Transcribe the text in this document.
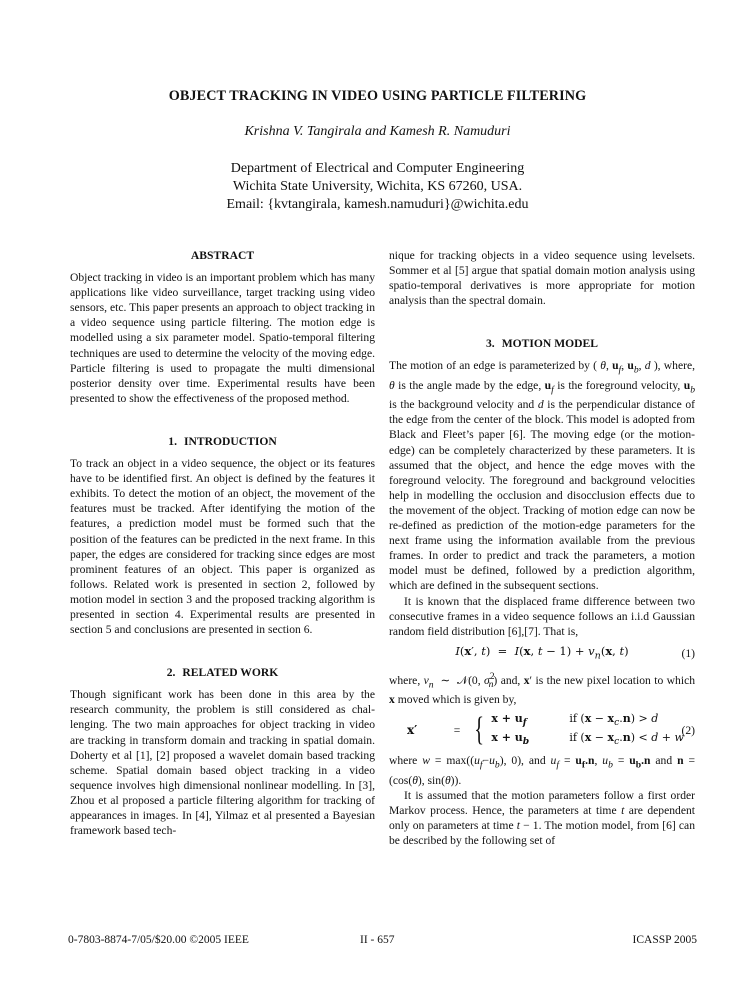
OBJECT TRACKING IN VIDEO USING PARTICLE FILTERING
Krishna V. Tangirala and Kamesh R. Namuduri
Department of Electrical and Computer Engineering
Wichita State University, Wichita, KS 67260, USA.
Email: {kvtangirala, kamesh.namuduri}@wichita.edu
ABSTRACT

Object tracking in video is an important problem which has many applications like video surveillance, target tracking using video sensors, etc. This paper presents an approach to object tracking in a video sequence using particle filtering. The motion edge is modelled using a six parameter model. Spatio-temporal filtering techniques are used to determine the velocity of the moving edge. Particle filtering is used to propagate the multi dimensional posterior density over time. Experimental results have been presented to show the effectiveness of the proposed method.

1. INTRODUCTION

To track an object in a video sequence, the object or its features have to be identified first. An object is defined by the features it exhibits. To detect the motion of an object, the movement of the features must be tracked. After identifying the motion of the features, a prediction model must be formed such that the position of the features can be predicted in the next frame. In this paper, the edges are considered for tracking since edges are most prominent features of an object. This paper is organized as follows. Related work is presented in section 2, followed by motion model in section 3 and the proposed tracking algorithm is presented in section 4. Experimental results are presented in section 5 and conclusions are presented in section 6.

2. RELATED WORK

Though significant work has been done in this area by the research community, the problem is still considered as challenging. The two main approaches for object tracking in video are tracking in transform domain and tracking in spatial domain. Doherty et al [1], [2] proposed a wavelet domain based tracking scheme. Spatial domain based object tracking in a video sequence involves high dimensional nonlinear modelling. In [3], Zhou et al proposed a particle filtering algorithm for tracking of appearances in images. In [4], Yilmaz et al presented a Bayesian framework based tech-

nique for tracking objects in a video sequence using levelsets. Sommer et al [5] argue that spatial domain motion analysis using spatio-temporal derivatives is more appropriate for motion analysis than the spectral domain.

3. MOTION MODEL

The motion of an edge is parameterized by ( θ, $u_f$, $u_b$, d ), where, θ is the angle made by the edge, $u_f$ is the foreground velocity, $u_b$ is the background velocity and d is the perpendicular distance of the edge from the center of the block. This model is adopted from Black and Fleet’s paper [6]. The moving edge (or the motion-edge) can be completely characterized by these parameters. It is assumed that the object, and hence the edge moves with the foreground velocity. The foreground and background velocities help in modelling the occlusion and disocclusion effects due to the movement of the object. Tracking of motion edge can now be re-defined as prediction of the motion-edge parameters for the next frame using the information available from the previous frames. In order to predict and track the parameters, a motion model must be defined, followed by a prediction algorithm, which are defined in the subsequent sections.

It is known that the displaced frame difference between two consecutive frames in a video sequence follows an i.i.d Gaussian random field distribution [6],[7]. That is,

I(x′, t)  =  I(x, $t - 1) + v_n(x$, t)	(1)

where, $v_n$  ∼  𝒩(0, $\sigma^2_n$) and, x′ is the new pixel location to which x moved which is given by,

x′	= { $x + u_f$	if $(x - x_c.n) > d$
$x + u_b$	if $(x - x_c.n) < d + w$
(2)

where $w = \max((u_f-u_b)$, 0), and $u_f = u_f.n$, $u_b = u_b.n$ and n = (cos(θ), sin(θ)).

It is assumed that the motion parameters follow a first order Markov process. Hence, the parameters at time t are dependent only on parameters at time t − 1. The motion model, from [6] can be described by the following set of

0-7803-8874-7/05/$20.00 ©2005 IEEE	II - 657	ICASSP 2005
